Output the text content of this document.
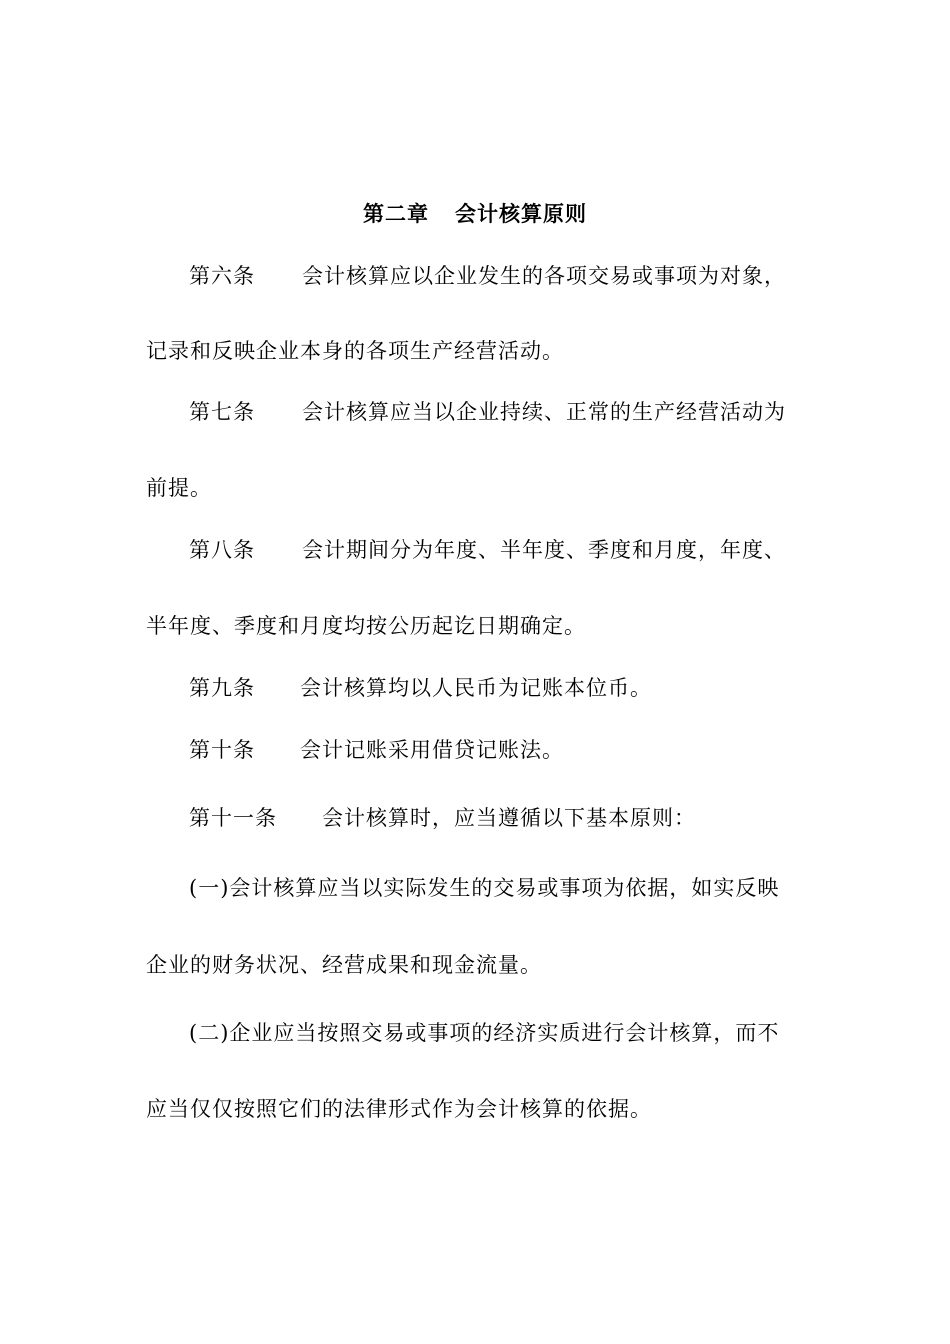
第二章 会计核算原则
第六条 会计核算应以企业发生的各项交易或事项为对象，
记录和反映企业本身的各项生产经营活动。
第七条 会计核算应当以企业持续、正常的生产经营活动为
前提。
第八条 会计期间分为年度、半年度、季度和月度，年度、
半年度、季度和月度均按公历起讫日期确定。
第九条 会计核算均以人民币为记账本位币。
第十条 会计记账采用借贷记账法。
第十一条 会计核算时，应当遵循以下基本原则：
(一)会计核算应当以实际发生的交易或事项为依据，如实反映
企业的财务状况、经营成果和现金流量。
(二)企业应当按照交易或事项的经济实质进行会计核算，而不
应当仅仅按照它们的法律形式作为会计核算的依据。
